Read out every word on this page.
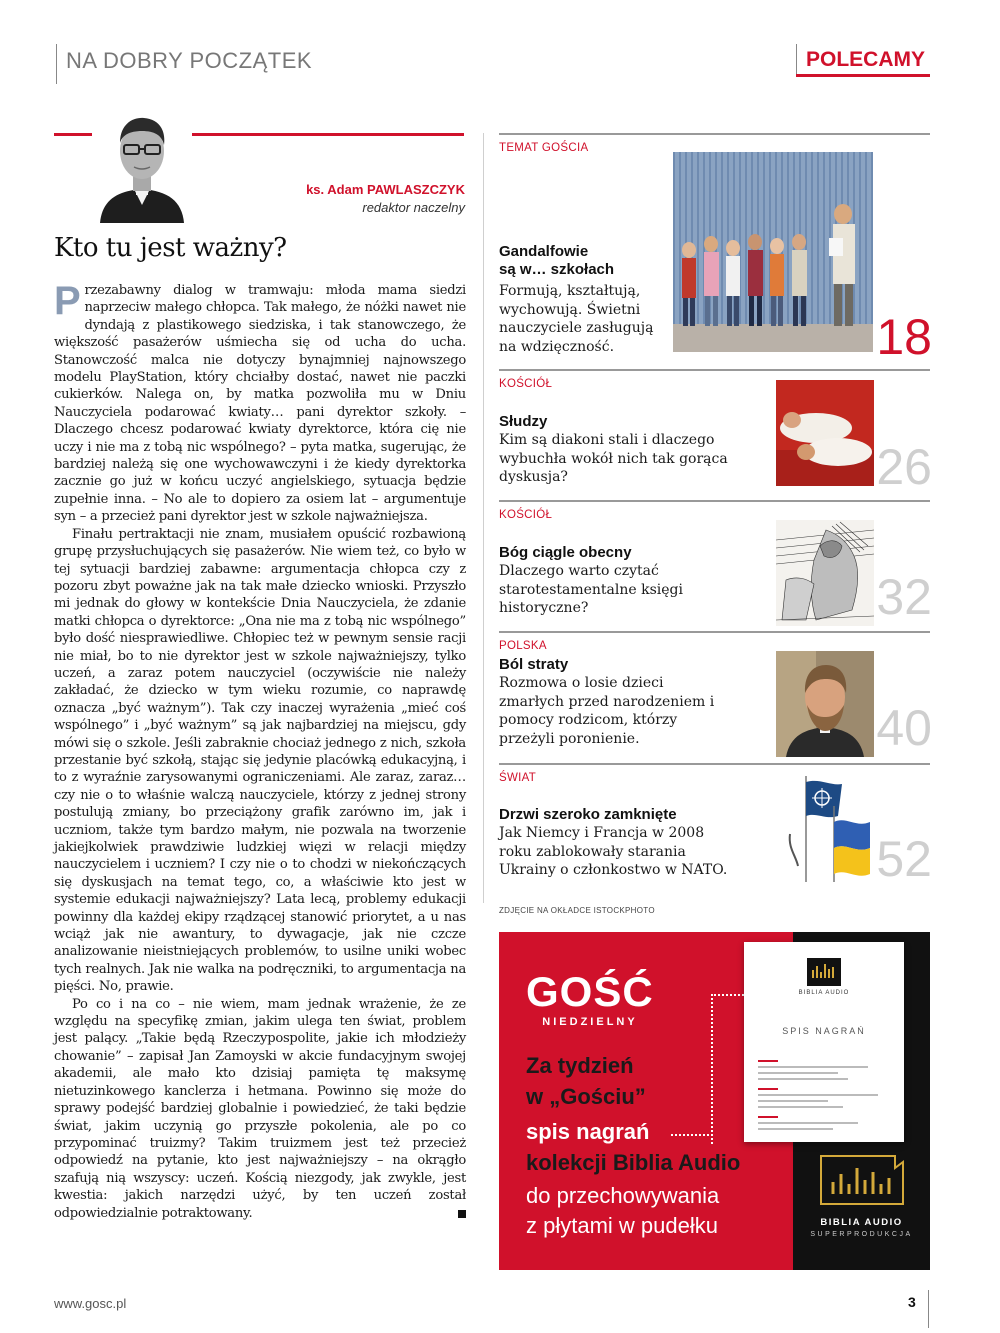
NA DOBRY POCZĄTEK	POLECAMY
ks. Adam PAWLASZCZYK
redaktor naczelny
Kto tu jest ważny?

Przezabawny dialog w tramwaju: młoda mama siedzi naprzeciw małego chłopca. Tak małego, że nóżki nawet nie dyndają z plastikowego siedziska, i tak stanowczego, że większość pasażerów uśmiecha się od ucha do ucha. Stanowczość malca nie dotyczy bynajmniej najnowszego modelu PlayStation, który chciałby dostać, nawet nie paczki cukierków. Nalega on, by matka pozwoliła mu w Dniu Nauczyciela podarować kwiaty… pani dyrektor szkoły. – Dlaczego chcesz podarować kwiaty dyrektorce, która cię nie uczy i nie ma z tobą nic wspólnego? – pyta matka, sugerując, że bardziej należą się one wychowawczyni i że kiedy dyrektorka zacznie go już w końcu uczyć angielskiego, sytuacja będzie zupełnie inna. – No ale to dopiero za osiem lat – argumentuje syn – a przecież pani dyrektor jest w szkole najważniejsza.

Finału pertraktacji nie znam, musiałem opuścić rozbawioną grupę przysłuchujących się pasażerów. Nie wiem też, co było w tej sytuacji bardziej zabawne: argumentacja chłopca czy z pozoru zbyt poważne jak na tak małe dziecko wnioski. Przyszło mi jednak do głowy w kontekście Dnia Nauczyciela, że zdanie matki chłopca o dyrektorce: „Ona nie ma z tobą nic wspólnego” było dość niesprawiedliwe. Chłopiec też w pewnym sensie racji nie miał, bo to nie dyrektor jest w szkole najważniejszy, tylko uczeń, a zaraz potem nauczyciel (oczywiście nie należy zakładać, że dziecko w tym wieku rozumie, co naprawdę oznacza „być ważnym”). Tak czy inaczej wyrażenia „mieć coś wspólnego” i „być ważnym” są jak najbardziej na miejscu, gdy mówi się o szkole. Jeśli zabraknie chociaż jednego z nich, szkoła przestanie być szkołą, stając się jedynie placówką edukacyjną, i to z wyraźnie zarysowanymi ograniczeniami. Ale zaraz, zaraz… czy nie o to właśnie walczą nauczyciele, którzy z jednej strony postulują zmiany, bo przeciążony grafik zarówno im, jak i uczniom, także tym bardzo małym, nie pozwala na tworzenie jakiejkolwiek prawdziwie ludzkiej więzi w relacji między nauczycielem i uczniem? I czy nie o to chodzi w niekończących się dyskusjach na temat tego, co, a właściwie kto jest w systemie edukacji najważniejszy? Lata lecą, problemy edukacji powinny dla każdej ekipy rządzącej stanowić priorytet, a u nas wciąż jak nie awantury, to dywagacje, jak nie czcze analizowanie nieistniejących problemów, to usilne uniki wobec tych realnych. Jak nie walka na podręczniki, to argumentacja na pięści. No, prawie.

Po co i na co – nie wiem, mam jednak wrażenie, że ze względu na specyfikę zmian, jakim ulega ten świat, problem jest palący. „Takie będą Rzeczypospolite, jakie ich młodzieży chowanie” – zapisał Jan Zamoyski w akcie fundacyjnym swojej akademii, ale mało kto dzisiaj pamięta tę maksymę nietuzinkowego kanclerza i hetmana. Powinno się może do sprawy podejść bardziej globalnie i powiedzieć, że taki będzie świat, jakim uczynią go przyszłe pokolenia, ale po co przypominać truizmy? Takim truizmem jest też przecież odpowiedź na pytanie, kto jest najważniejszy – na okrągło szafują nią wszyscy: uczeń. Kością niezgody, jak zwykle, jest kwestia: jakich narzędzi użyć, by ten uczeń został odpowiedzialnie potraktowany.

TEMAT GOŚCIA
Gandalfowie
są w… szkołach
Formują, kształtują, wychowują. Świetni nauczyciele zasługują na wdzięczność.	18
KOŚCIÓŁ
Słudzy
Kim są diakoni stali i dlaczego wybuchła wokół nich tak gorąca dyskusja?	26
KOŚCIÓŁ
Bóg ciągle obecny
Dlaczego warto czytać starotestamentalne księgi historyczne?	32
POLSKA
Ból straty
Rozmowa o losie dzieci zmarłych przed narodzeniem i pomocy rodzicom, którzy przeżyli poronienie.	40
ŚWIAT
Drzwi szeroko zamknięte
Jak Niemcy i Francja w 2008 roku zablokowały starania Ukrainy o członkostwo w NATO.	52
ZDJĘCIE NA OKŁADCE ISTOCKPHOTO
GOŚĆ
NIEDZIELNY
BIBLIA AUDIO
SPIS NAGRAŃ
Za tydzień
w „Gościu”
spis nagrań
kolekcji Biblia Audio
do przechowywania
z płytami w pudełku	BIBLIA AUDIO
SUPERPRODUKCJA
www.gosc.pl	3
